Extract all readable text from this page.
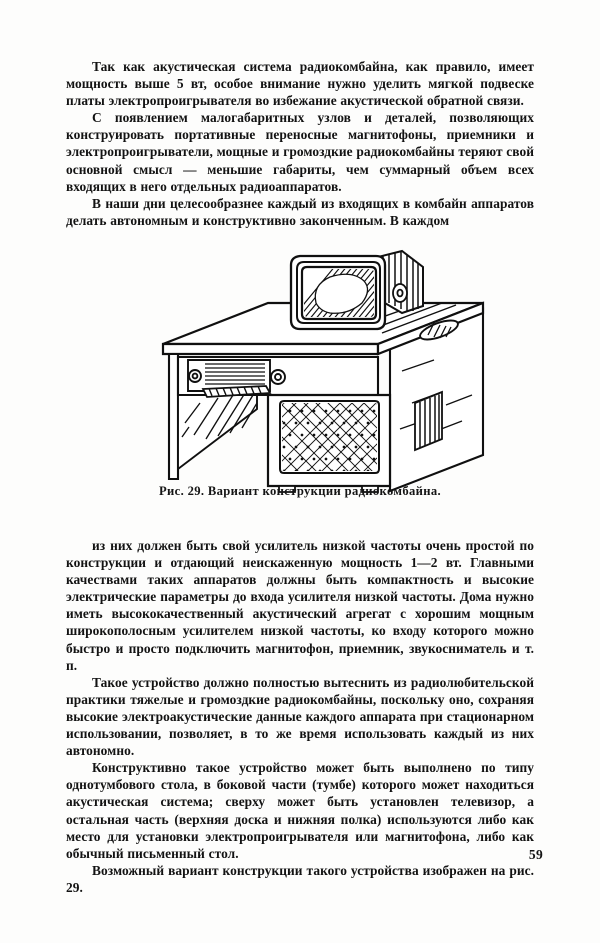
Так как акустическая система радиокомбайна, как правило, имеет мощность выше 5 вт, особое внимание нужно уделить мягкой подвеске платы электропроигрывателя во избежание акустической обратной связи.

С появлением малогабаритных узлов и деталей, позволяющих конструировать портативные переносные магнитофоны, приемники и электропроигрыватели, мощные и громоздкие радиокомбайны теряют свой основной смысл — меньшие габариты, чем суммарный объем всех входящих в него отдельных радиоаппаратов.

В наши дни целесообразнее каждый из входящих в комбайн аппаратов делать автономным и конструктивно законченным. В каждом

Рис. 29. Вариант конструкции радиокомбайна.

из них должен быть свой усилитель низкой частоты очень простой по конструкции и отдающий неискаженную мощность 1—2 вт. Главными качествами таких аппаратов должны быть компактность и высокие электрические параметры до входа усилителя низкой частоты. Дома нужно иметь высококачественный акустический агрегат с хорошим мощным широкополосным усилителем низкой частоты, ко входу которого можно быстро и просто подключить магнитофон, приемник, звукосниматель и т. п.

Такое устройство должно полностью вытеснить из радиолюбительской практики тяжелые и громоздкие радиокомбайны, поскольку оно, сохраняя высокие электроакустические данные каждого аппарата при стационарном использовании, позволяет, в то же время использовать каждый из них автономно.

Конструктивно такое устройство может быть выполнено по типу однотумбового стола, в боковой части (тумбе) которого может находиться акустическая система; сверху может быть установлен телевизор, а остальная часть (верхняя доска и нижняя полка) используются либо как место для установки электропроигрывателя или магнитофона, либо как обычный письменный стол.

Возможный вариант конструкции такого устройства изображен на рис. 29.

59
